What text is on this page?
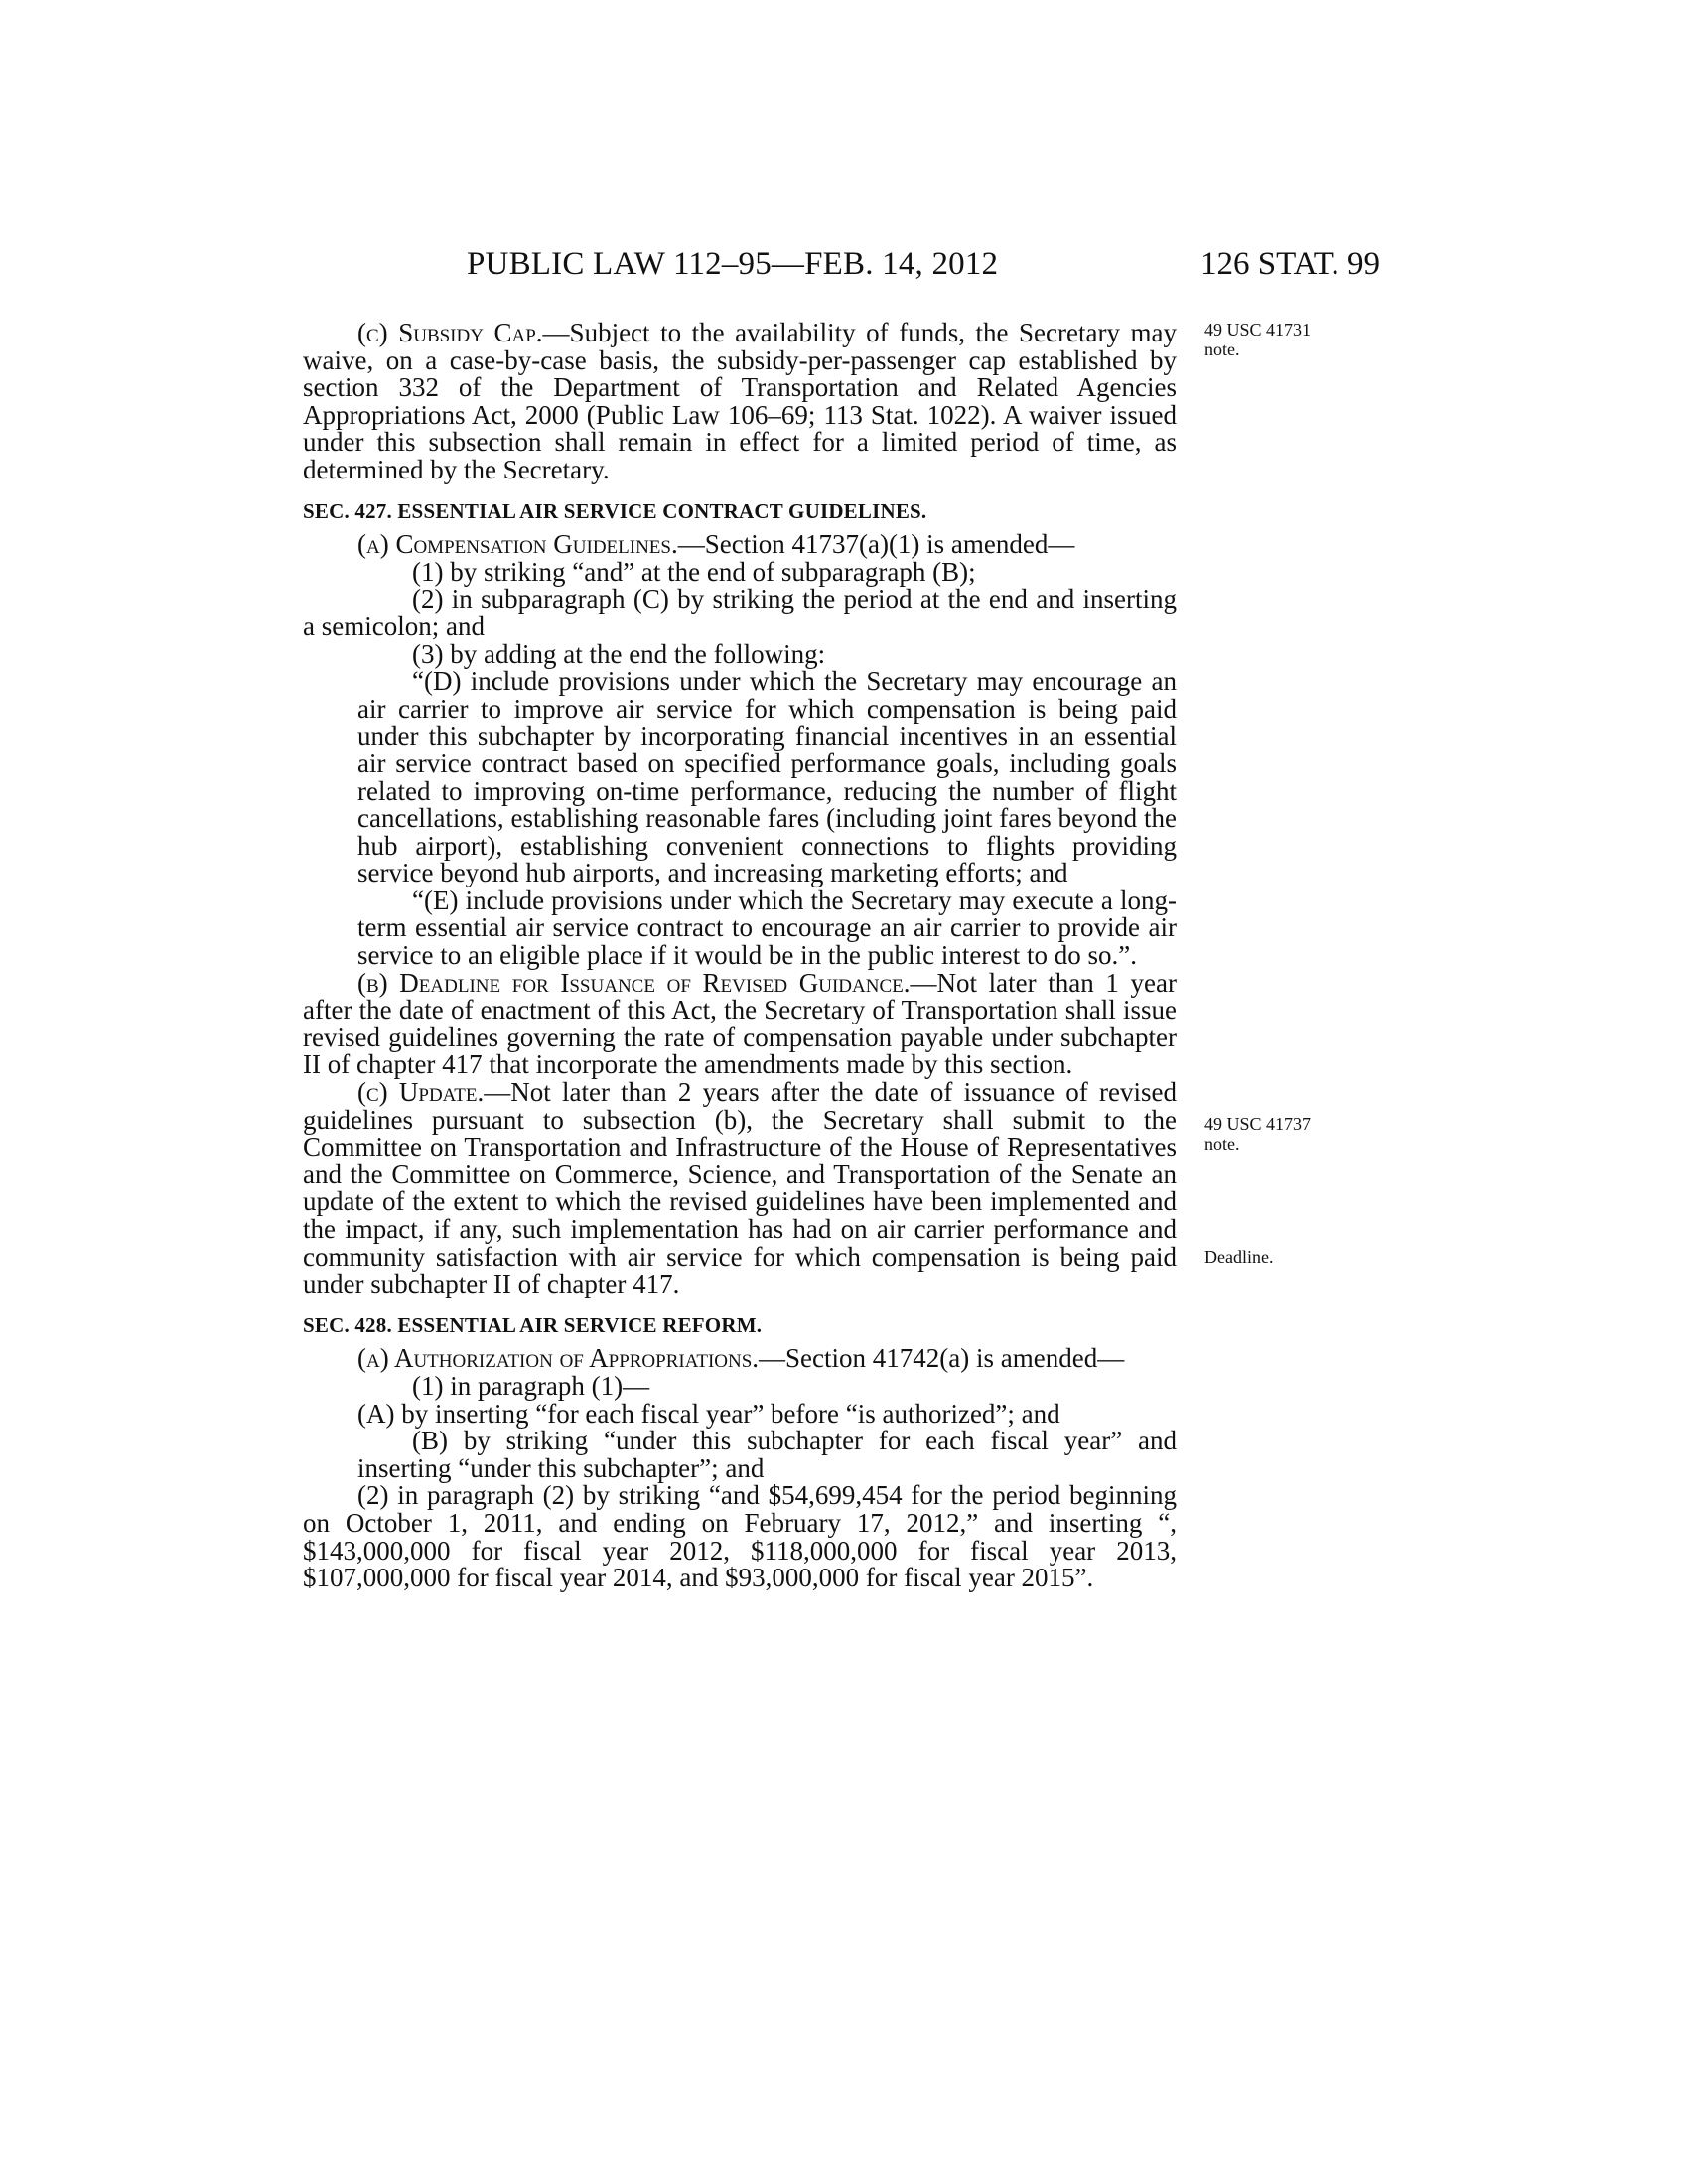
PUBLIC LAW 112–95—FEB. 14, 2012	126 STAT. 99
49 USC 41731 note.
49 USC 41737 note.
Deadline.

(c) Subsidy Cap.—Subject to the availability of funds, the Secretary may waive, on a case-by-case basis, the subsidy-per-passenger cap established by section 332 of the Department of Transportation and Related Agencies Appropriations Act, 2000 (Public Law 106–69; 113 Stat. 1022). A waiver issued under this subsection shall remain in effect for a limited period of time, as determined by the Secretary.

SEC. 427. ESSENTIAL AIR SERVICE CONTRACT GUIDELINES.

(a) Compensation Guidelines.—Section 41737(a)(1) is amended—

(1) by striking “and” at the end of subparagraph (B);

(2) in subparagraph (C) by striking the period at the end and inserting a semicolon; and

(3) by adding at the end the following:

“(D) include provisions under which the Secretary may encourage an air carrier to improve air service for which compensation is being paid under this subchapter by incorporating financial incentives in an essential air service contract based on specified performance goals, including goals related to improving on-time performance, reducing the number of flight cancellations, establishing reasonable fares (including joint fares beyond the hub airport), establishing convenient connections to flights providing service beyond hub airports, and increasing marketing efforts; and

“(E) include provisions under which the Secretary may execute a long-term essential air service contract to encourage an air carrier to provide air service to an eligible place if it would be in the public interest to do so.”.

(b) Deadline for Issuance of Revised Guidance.—Not later than 1 year after the date of enactment of this Act, the Secretary of Transportation shall issue revised guidelines governing the rate of compensation payable under subchapter II of chapter 417 that incorporate the amendments made by this section.

(c) Update.—Not later than 2 years after the date of issuance of revised guidelines pursuant to subsection (b), the Secretary shall submit to the Committee on Transportation and Infrastructure of the House of Representatives and the Committee on Commerce, Science, and Transportation of the Senate an update of the extent to which the revised guidelines have been implemented and the impact, if any, such implementation has had on air carrier performance and community satisfaction with air service for which compensation is being paid under subchapter II of chapter 417.

SEC. 428. ESSENTIAL AIR SERVICE REFORM.

(a) Authorization of Appropriations.—Section 41742(a) is amended—

(1) in paragraph (1)—

(A) by inserting “for each fiscal year” before “is authorized”; and

(B) by striking “under this subchapter for each fiscal year” and inserting “under this subchapter”; and

(2) in paragraph (2) by striking “and $54,699,454 for the period beginning on October 1, 2011, and ending on February 17, 2012,” and inserting “, $143,000,000 for fiscal year 2012, $118,000,000 for fiscal year 2013, $107,000,000 for fiscal year 2014, and $93,000,000 for fiscal year 2015”.
